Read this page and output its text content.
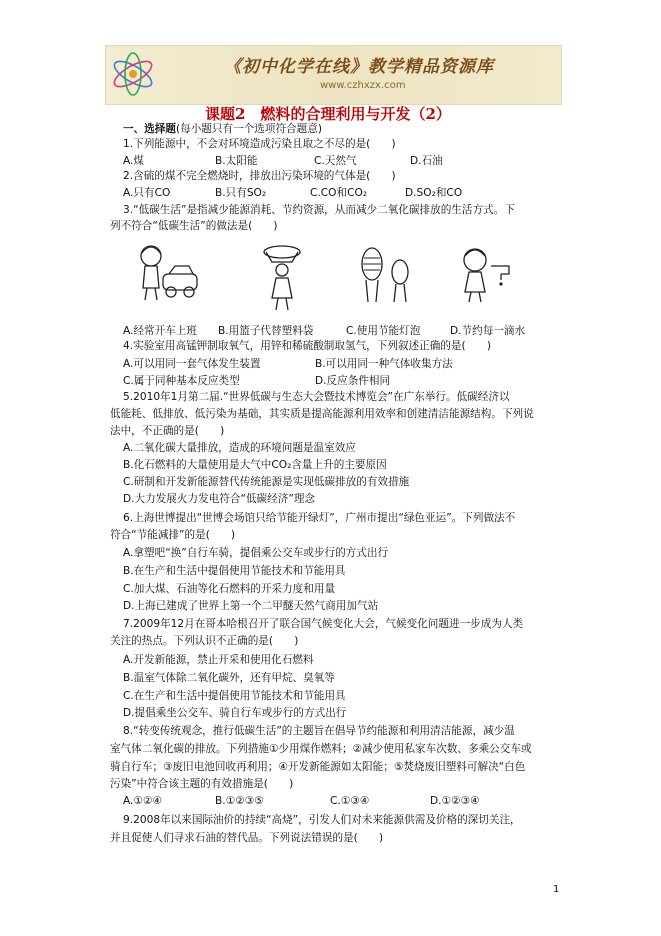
《初中化学在线》教学精品资源库
www.czhxzx.com
课题2　燃料的合理利用与开发（2）
一、选择题(每小题只有一个选项符合题意)
1.下列能源中，不会对环境造成污染且取之不尽的是(　　)
A.煤	B.太阳能	C.天然气	D.石油
2.含硫的煤不完全燃烧时，排放出污染环境的气体是(　　)
A.只有CO	B.只有SO₂	C.CO和CO₂	D.SO₂和CO
3.“低碳生活”是指减少能源消耗、节约资源，从而减少二氧化碳排放的生活方式。下
列不符合“低碳生活”的做法是(　　)
A.经常开车上班 B.用篮子代替塑料袋	C.使用节能灯泡	D.节约每一滴水
4.实验室用高锰钾制取氧气，用锌和稀硫酸制取氢气，下列叙述正确的是(　　)
A.可以用同一套气体发生装置	B.可以用同一种气体收集方法
C.属于同种基本反应类型	D.反应条件相同
5.2010年1月第二届.“世界低碳与生态大会暨技术博览会”在广东举行。低碳经济以
低能耗、低排放、低污染为基础，其实质是提高能源利用效率和创建清洁能源结构。下列说
法中，不正确的是(　　)
A.二氧化碳大量排放，造成的环境问题是温室效应
B.化石燃料的大量使用是大气中CO₂含量上升的主要原因
C.研制和开发新能源替代传统能源是实现低碳排放的有效措施
D.大力发展火力发电符合“低碳经济”理念
6.上海世博提出“世博会场馆只给节能开绿灯”，广州市提出“绿色亚运”。下列做法不
符合“节能减排”的是(　　)
A.拿塑吧“换”自行车骑，提倡乘公交车或步行的方式出行
B.在生产和生活中提倡使用节能技术和节能用具
C.加大煤、石油等化石燃料的开采力度和用量
D.上海已建成了世界上第一个二甲醚天然气商用加气站
7.2009年12月在哥本哈根召开了联合国气候变化大会，气候变化问题进一步成为人类
关注的热点。下列认识不正确的是(　　)
A.开发新能源，禁止开采和使用化石燃料
B.温室气体除二氧化碳外，还有甲烷、臭氧等
C.在生产和生活中提倡使用节能技术和节能用具
D.提倡乘坐公交车、骑自行车或步行的方式出行
8.“转变传统观念，推行低碳生活”的主题旨在倡导节约能源和利用清洁能源，减少温
室气体二氧化碳的排放。下列措施①少用煤作燃料；②减少使用私家车次数、多乘公交车或
骑自行车；③废旧电池回收再利用；④开发新能源如太阳能；⑤焚烧废旧塑料可解决“白色
污染”中符合该主题的有效措施是(　　)
A.①②④	B.①②③⑤	C.①③④	D.①②③④
9.2008年以来国际油价的持续“高烧”，引发人们对未来能源供需及价格的深切关注，
并且促使人们寻求石油的替代品。下列说法错误的是(　　)
1
